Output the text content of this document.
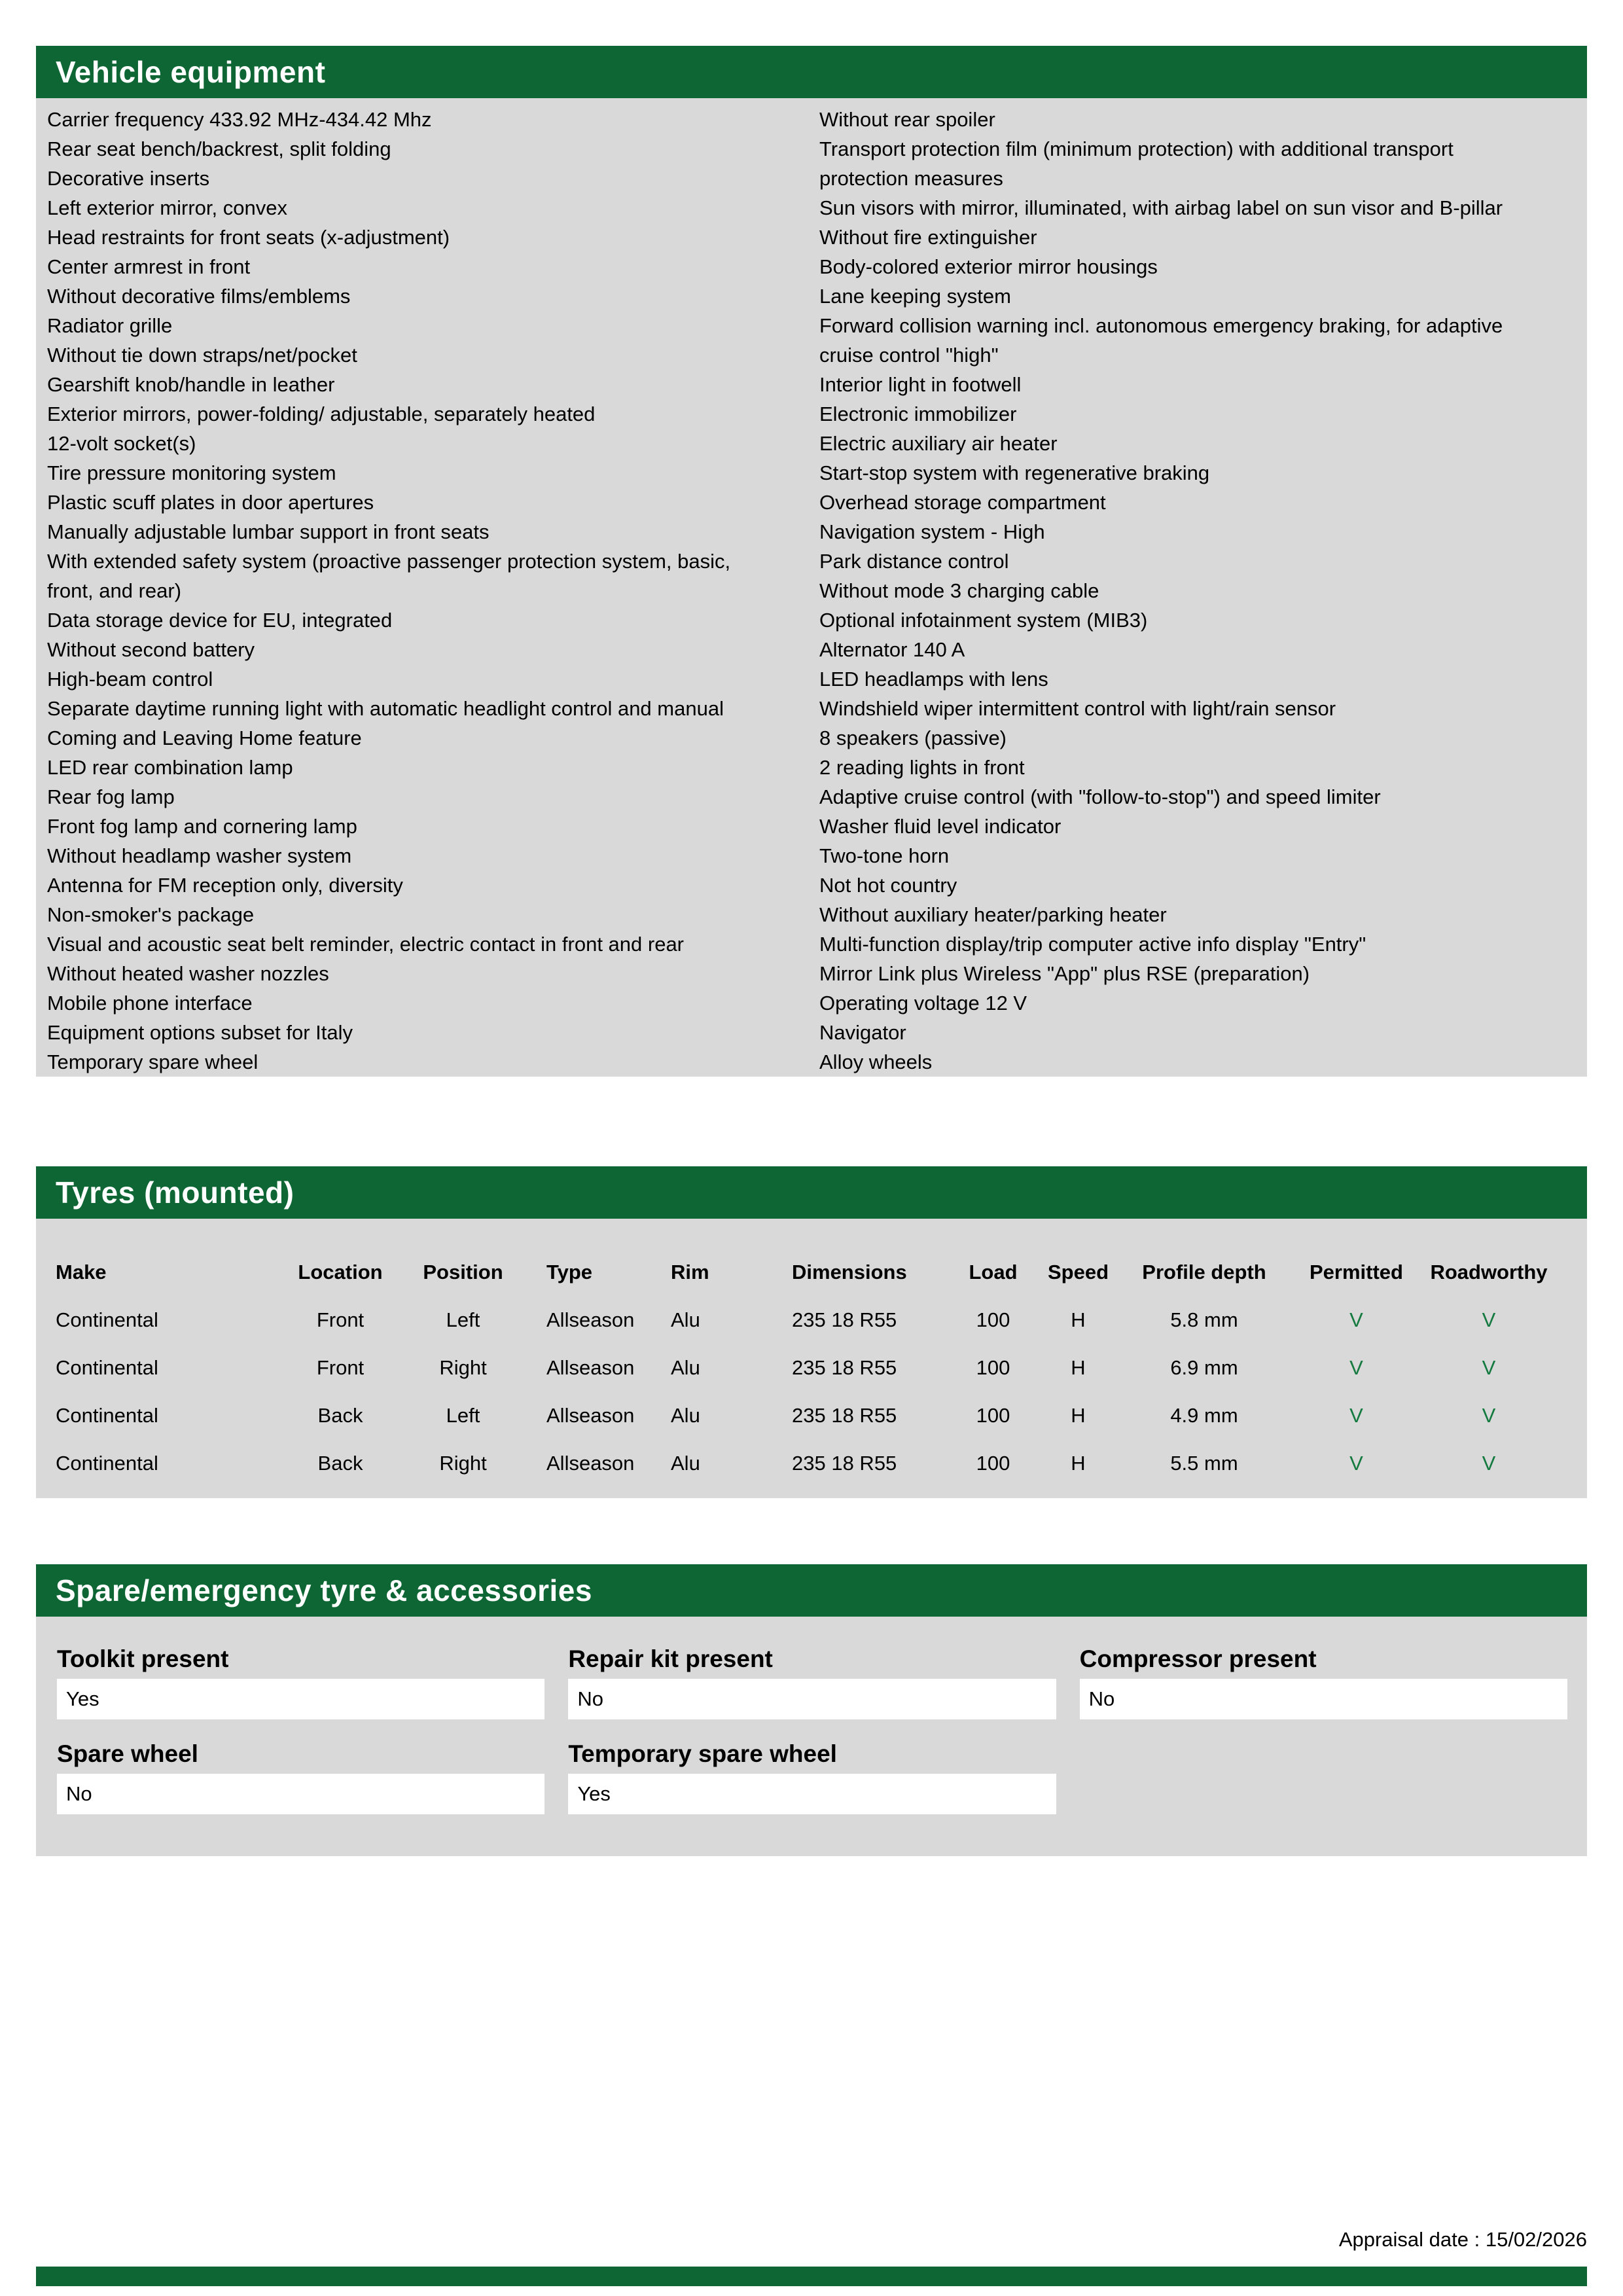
Vehicle equipment
Carrier frequency 433.92 MHz-434.42 Mhz
Rear seat bench/backrest, split folding
Decorative inserts
Left exterior mirror, convex
Head restraints for front seats (x-adjustment)
Center armrest in front
Without decorative films/emblems
Radiator grille
Without tie down straps/net/pocket
Gearshift knob/handle in leather
Exterior mirrors, power-folding/ adjustable, separately heated
12-volt socket(s)
Tire pressure monitoring system
Plastic scuff plates in door apertures
Manually adjustable lumbar support in front seats
With extended safety system (proactive passenger protection system, basic,
front, and rear)
Data storage device for EU, integrated
Without second battery
High-beam control
Separate daytime running light with automatic headlight control and manual
Coming and Leaving Home feature
LED rear combination lamp
Rear fog lamp
Front fog lamp and cornering lamp
Without headlamp washer system
Antenna for FM reception only, diversity
Non-smoker's package
Visual and acoustic seat belt reminder, electric contact in front and rear
Without heated washer nozzles
Mobile phone interface
Equipment options subset for Italy
Temporary spare wheel
Without rear spoiler
Transport protection film (minimum protection) with additional transport
protection measures
Sun visors with mirror, illuminated, with airbag label on sun visor and B-pillar
Without fire extinguisher
Body-colored exterior mirror housings
Lane keeping system
Forward collision warning incl. autonomous emergency braking, for adaptive
cruise control "high"
Interior light in footwell
Electronic immobilizer
Electric auxiliary air heater
Start-stop system with regenerative braking
Overhead storage compartment
Navigation system - High
Park distance control
Without mode 3 charging cable
Optional infotainment system (MIB3)
Alternator 140 A
LED headlamps with lens
Windshield wiper intermittent control with light/rain sensor
8 speakers (passive)
2 reading lights in front
Adaptive cruise control (with "follow-to-stop") and speed limiter
Washer fluid level indicator
Two-tone horn
Not hot country
Without auxiliary heater/parking heater
Multi-function display/trip computer active info display "Entry"
Mirror Link plus Wireless "App" plus RSE (preparation)
Operating voltage 12 V
Navigator
Alloy wheels
Tyres (mounted)
Make	Location	Position	Type	Rim	Dimensions	Load	Speed	Profile depth	Permitted	Roadworthy
Continental	Front	Left	Allseason	Alu	235 18 R55	100	H	5.8 mm	V	V
Continental	Front	Right	Allseason	Alu	235 18 R55	100	H	6.9 mm	V	V
Continental	Back	Left	Allseason	Alu	235 18 R55	100	H	4.9 mm	V	V
Continental	Back	Right	Allseason	Alu	235 18 R55	100	H	5.5 mm	V	V
Spare/emergency tyre & accessories
Toolkit present
Yes
Repair kit present
No
Compressor present
No
Spare wheel
No
Temporary spare wheel
Yes
Appraisal date : 15/02/2026
